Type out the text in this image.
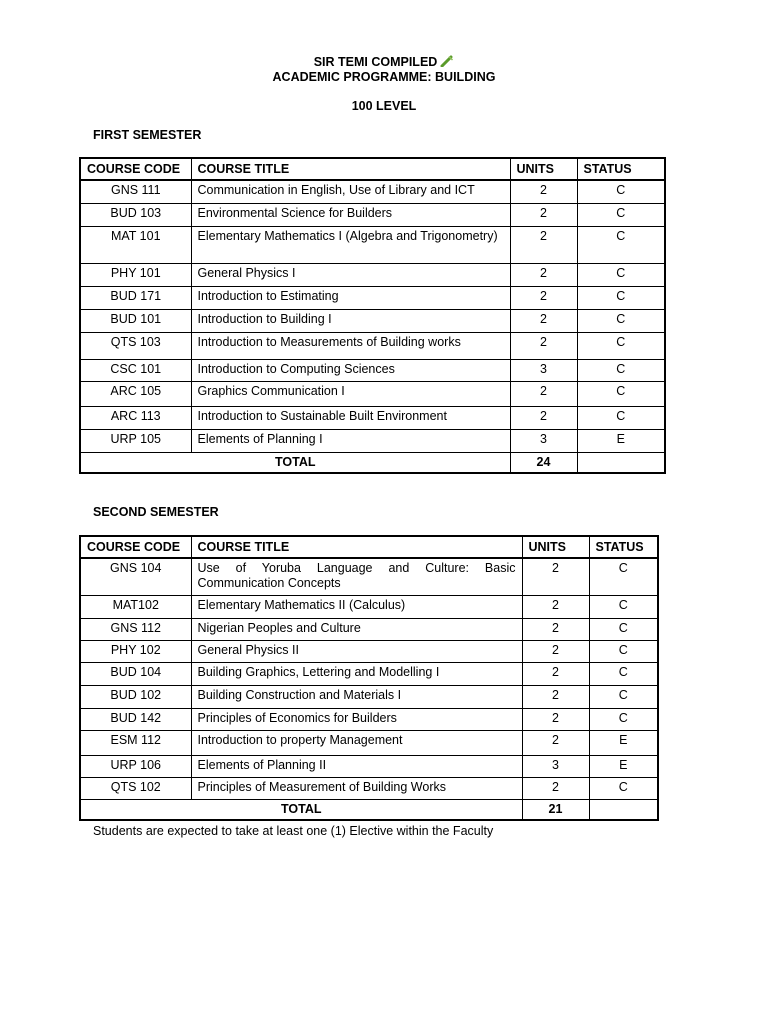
SIR TEMI COMPILED
ACADEMIC PROGRAMME: BUILDING
100 LEVEL
FIRST SEMESTER
COURSE CODE	COURSE TITLE	UNITS	STATUS
GNS 111	Communication in English, Use of Library and ICT	2	C
BUD 103	Environmental Science for Builders	2	C
MAT 101	Elementary Mathematics I (Algebra and Trigonometry)	2	C
PHY 101	General Physics I	2	C
BUD 171	Introduction to Estimating	2	C
BUD 101	Introduction to Building I	2	C
QTS 103	Introduction to Measurements of Building works	2	C
CSC 101	Introduction to Computing Sciences	3	C
ARC 105	Graphics Communication I	2	C
ARC 113	Introduction to Sustainable Built Environment	2	C
URP 105	Elements of Planning I	3	E
TOTAL		24	
SECOND SEMESTER
COURSE CODE	COURSE TITLE	UNITS	STATUS
GNS 104	Use of Yoruba Language and Culture: Basic Communication Concepts	2	C
MAT102	Elementary Mathematics II (Calculus)	2	C
GNS 112	Nigerian Peoples and Culture	2	C
PHY 102	General Physics II	2	C
BUD 104	Building Graphics, Lettering and Modelling I	2	C
BUD 102	Building Construction and Materials I	2	C
BUD 142	Principles of Economics for Builders	2	C
ESM 112	Introduction to property Management	2	E
URP 106	Elements of Planning II	3	E
QTS 102	Principles of Measurement of Building Works	2	C
TOTAL		21	
Students are expected to take at least one (1) Elective within the Faculty
